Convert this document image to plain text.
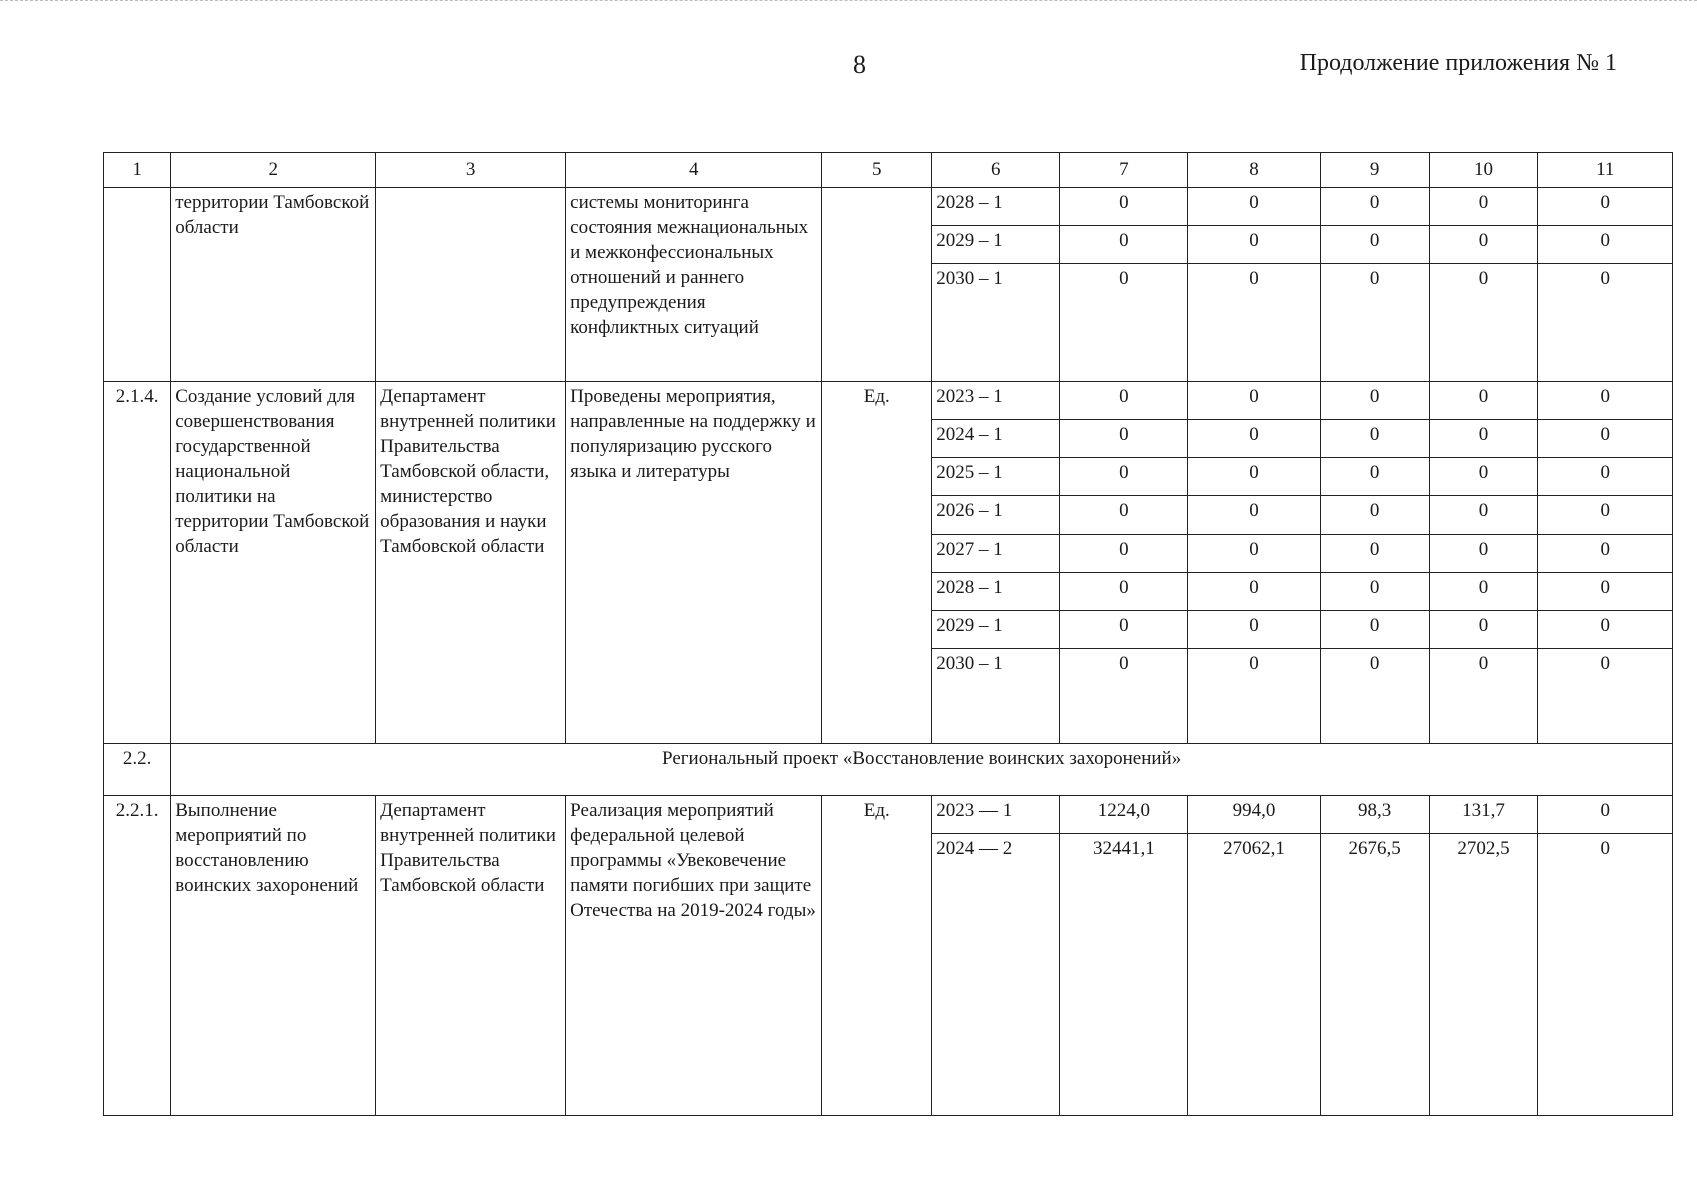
8	Продолжение приложения № 1
1	2	3	4	5	6	7	8	9	10	11
	территории Тамбовской области		системы мониторинга состояния межнациональных и межконфессиональных отношений и раннего предупреждения конфликтных ситуаций		2028 – 1	0	0	0	0	0
					2029 – 1	0	0	0	0	0
					2030 – 1	0	0	0	0	0
2.1.4.	Создание условий для совершенствования государственной национальной политики на территории Тамбовской области	Департамент внутренней политики Правительства Тамбовской области, министерство образования и науки Тамбовской области	Проведены мероприятия, направленные на поддержку и популяризацию русского языка и литературы	Ед.	2023 – 1	0	0	0	0	0
					2024 – 1	0	0	0	0	0
					2025 – 1	0	0	0	0	0
					2026 – 1	0	0	0	0	0
					2027 – 1	0	0	0	0	0
					2028 – 1	0	0	0	0	0
					2029 – 1	0	0	0	0	0
					2030 – 1	0	0	0	0	0
2.2.	Региональный проект «Восстановление воинских захоронений»									
2.2.1.	Выполнение мероприятий по восстановлению воинских захоронений	Департамент внутренней политики Правительства Тамбовской области	Реализация мероприятий федеральной целевой программы «Увековечение памяти погибших при защите Отечества на 2019-2024 годы»	Ед.	2023 — 1	1224,0	994,0	98,3	131,7	0
					2024 — 2	32441,1	27062,1	2676,5	2702,5	0
